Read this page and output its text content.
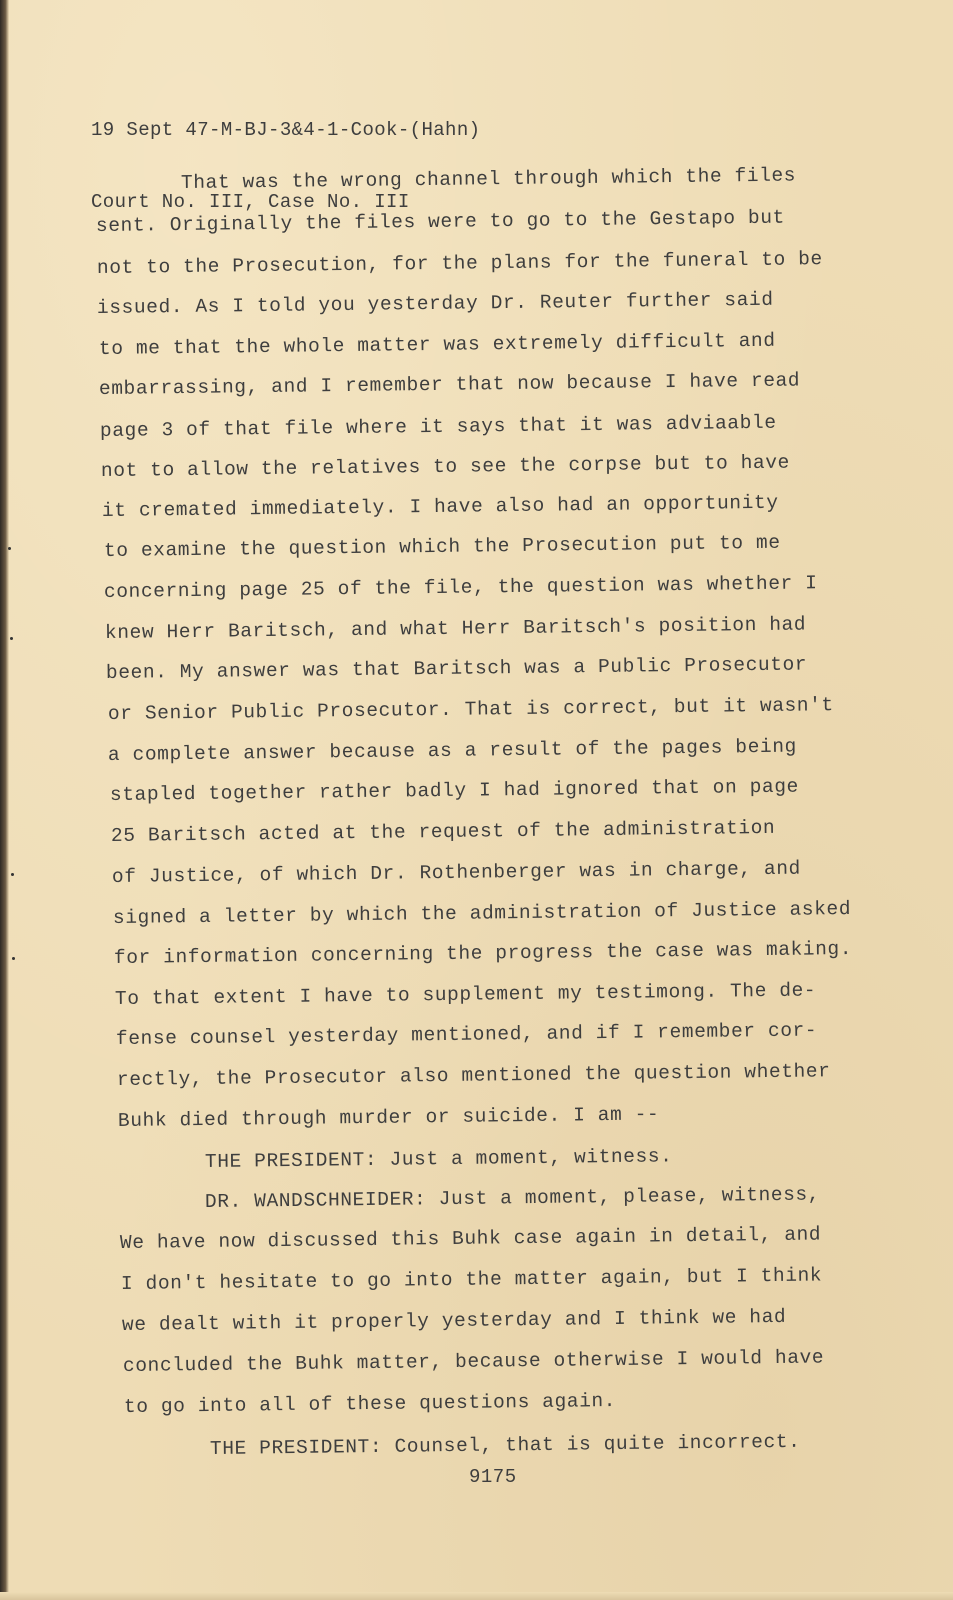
19 Sept 47-M-BJ-3&4-1-Cook-(Hahn)

Court No. III, Case No. III

That was the wrong channel through which the files
sent. Originally the files were to go to the Gestapo but
not to the Prosecution, for the plans for the funeral to be
issued. As I told you yesterday Dr. Reuter further said
to me that the whole matter was extremely difficult and
embarrassing, and I remember that now because I have read
page 3 of that file where it says that it was adviaable
not to allow the relatives to see the corpse but to have
it cremated immediately. I have also had an opportunity
to examine the question which the Prosecution put to me
concerning page 25 of the file, the question was whether I
knew Herr Baritsch, and what Herr Baritsch's position had
been. My answer was that Baritsch was a Public Prosecutor
or Senior Public Prosecutor. That is correct, but it wasn't
a complete answer because as a result of the pages being
stapled together rather badly I had ignored that on page
25 Baritsch acted at the request of the administration
of Justice, of which Dr. Rothenberger was in charge, and
signed a letter by which the administration of Justice asked
for information concerning the progress the case was making.
To that extent I have to supplement my testimong. The de-
fense counsel yesterday mentioned, and if I remember cor-
rectly, the Prosecutor also mentioned the question whether
Buhk died through murder or suicide. I am --
THE PRESIDENT: Just a moment, witness.
DR. WANDSCHNEIDER: Just a moment, please, witness,
We have now discussed this Buhk case again in detail, and
I don't hesitate to go into the matter again, but I think
we dealt with it properly yesterday and I think we had
concluded the Buhk matter, because otherwise I would have
to go into all of these questions again.
THE PRESIDENT: Counsel, that is quite incorrect.
9175
